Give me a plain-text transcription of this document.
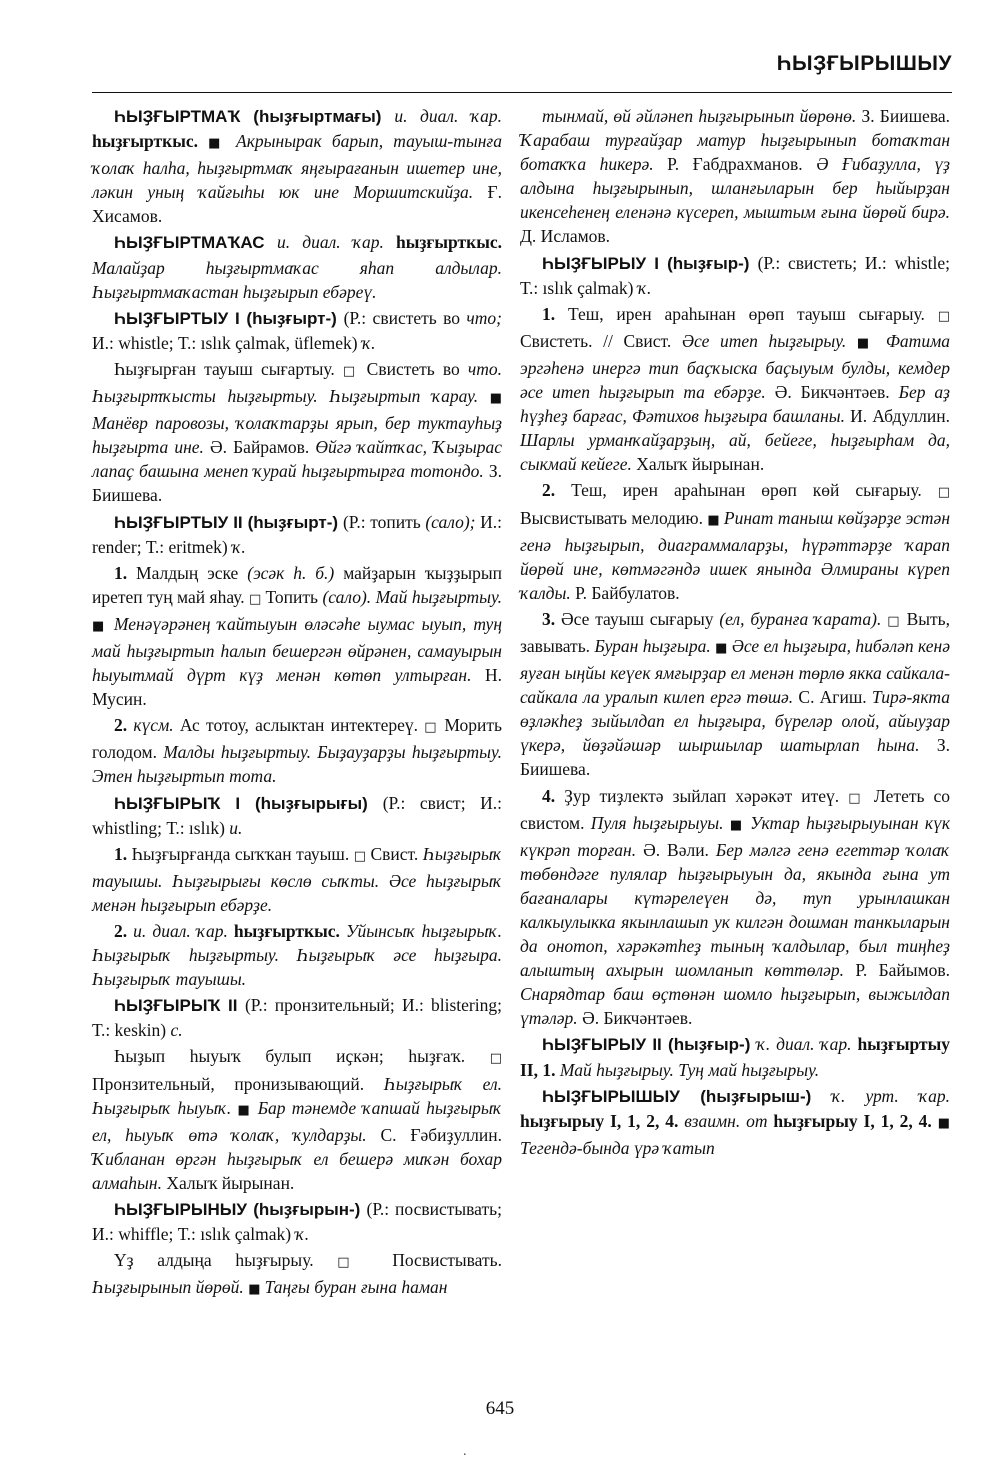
ҺЫҘҒЫРЫШЫУ

ҺЫҘҒЫРТМАҠ (һыҙғыртмағы) и. диал. ҡар. һыҙғырткыс. ■ Акрынырак барып, тауыш-тынға ҡолаҡ һалһа, һыҙғыртмаҡ яңғырағанын ишетер ине, ләкин уның ҡайғыһы юк ине Моршитскийҙа. Ғ. Хисамов.

ҺЫҘҒЫРТМАҠАС и. диал. ҡар. һыҙғырткыс. Малайҙар һыҙғыртмаҡас яһап алдылар. Һыҙғыртмаҡастан һыҙғырып ебәреү.

ҺЫҘҒЫРТЫУ I (һыҙғырт-) (Р.: свистеть во что; И.: whistle; Т.: ıslık çalmak, üflemek) ҡ.

Һыҙғырған тауыш сығартыу. □ Свистеть во что. Һыҙғыртҡысты һыҙғыртыу. Һыҙғыртып ҡарау. ■ Манёвр паровозы, ҡолаҡтарҙы ярып, бер туктауһыҙ һыҙғырта ине. Ә. Байрамов. Өйгә ҡайтҡас, Ҡыҙырас лапаҫ башына менеп ҡурай һыҙғыртырға тотондо. З. Биишева.

ҺЫҘҒЫРТЫУ II (һыҙғырт-) (Р.: топить (сало); И.: render; Т.: eritmek) ҡ.

1. Малдың эске (эсәк һ. б.) майҙарын ҡыҙҙырып иретеп туң май яһау. □ Топить (сало). Май һыҙғыртыу. ■ Менәүәрәнең ҡайтыуын өләсәһе ыумас ыуып, туң май һыҙғыртып һалып бешергән өйрәнен, самауырын һыуытмай дүрт күҙ менән көтөп ултырған. Н. Мусин.

2. күсм. Ас тотоу, аслыктан интектереү. □ Морить голодом. Малды һыҙғыртыу. Быҙауҙарҙы һыҙғыртыу. Этен һыҙғыртып тота.

ҺЫҘҒЫРЫҠ I (һыҙғырығы) (Р.: свист; И.: whistling; Т.: ıslık) и.

1. Һыҙғырғанда сыҡҡан тауыш. □ Свист. Һыҙғырыҡ тауышы. Һыҙғырығы көслө сыҡты. Әсе һыҙғырыҡ менән һыҙғырып ебәрҙе.

2. и. диал. ҡар. һыҙғырткыс. Уйынсыҡ һыҙғырыҡ. Һыҙғырыҡ һыҙғыртыу. Һыҙғырыҡ әсе һыҙғыра. Һыҙғырыҡ тауышы.

ҺЫҘҒЫРЫҠ II (Р.: пронзительный; И.: blistering; Т.: keskin) с.

Һыҙып һыуыҡ булып иҫкән; һыҙғаҡ. □ Пронзительный, пронизывающий. Һыҙғырыҡ ел. Һыҙғырыҡ һыуыҡ. ■ Бар тәнемде ҡапшай һыҙғырыҡ ел, һыуыҡ өтә ҡолаҡ, ҡулдарҙы. С. Ғәбиҙуллин. Ҡибланан өргән һыҙғырыҡ ел бешерә миҡән бохар алмаһын. Халыҡ йырынан.

ҺЫҘҒЫРЫНЫУ (һыҙғырын-) (Р.: посвистывать; И.: whiffle; Т.: ıslık çalmak) ҡ.

Үҙ алдыңа һыҙғырыу. □ Посвистывать. Һыҙғырынып йөрөй. ■ Таңғы буран ғына һаман

тынмай, өй әйләнеп һыҙғырынып йөрөнө. З. Биишева. Ҡарабаш турғайҙар матур һыҙғырынып ботаҡтан ботаҡҡа һикерә. Р. Ғабдрахманов. Ә Ғибаҙулла, үҙ алдына һыҙғырынып, шланғыларын бер һыйырҙан икенсеһенең еленәнә күсереп, мыштым ғына йөрөй бирә. Д. Исламов.

ҺЫҘҒЫРЫУ I (һыҙғыр-) (Р.: свистеть; И.: whistle; Т.: ıslık çalmak) ҡ.

1. Теш, ирен араһынан өрөп тауыш сығарыу. □ Свистеть. // Свист. Әсе итеп һыҙғырыу. ■ Фатима эргәһенә инергә тип баҫҡыска баҫыуым булды, кемдер әсе итеп һыҙғырып та ебәрҙе. Ә. Бикчәнтәев. Бер аҙ һүҙһеҙ барғас, Фәтихов һыҙғыра башланы. И. Абдуллин. Шарлы урманҡайҙарҙың, ай, бейеге, һыҙғырһам да, сыкмай кейеге. Халыҡ йырынан.

2. Теш, ирен араһынан өрөп көй сығарыу. □ Высвистывать мелодию. ■ Ринат таныш көйҙәрҙе эстән генә һыҙғырып, диаграммаларҙы, һүрәттәрҙе ҡарап йөрөй ине, көтмәгәндә ишек янында Әлмираны күреп ҡалды. Р. Байбулатов.

3. Әсе тауыш сығарыу (ел, буранға ҡарата). □ Выть, завывать. Буран һыҙғыра. ■ Әсе ел һыҙғыра, һибәләп кенә яуған ыңйы кеүек ямғырҙар ел менән төрлө якка сайкала-сайкала ла уралып килеп ергә төшә. С. Агиш. Тирә-якта өҙләкһеҙ зыйылдап ел һыҙғыра, бүреләр олой, айыуҙар үкерә, йөҙәйәшәр шыршылар шатырлап һына. З. Биишева.

4. Ҙур тиҙлектә зыйлап хәрәкәт итеү. □ Лететь со свистом. Пуля һыҙғырыуы. ■ Уктар һыҙғырыуынан күк күкрәп торған. Ә. Вәли. Бер мәлгә генә егеттәр ҡолаҡ төбөндәге пулялар һыҙғырыуын да, якында ғына ут бағаналары күтәрелеүен дә, туп урынлашкан калкыулыкка якынлашып ук килгән дошман танкыларын да онотоп, хәрәкәтһеҙ тының ҡалдылар, был тиңһеҙ алыштың ахырын шомланып көттөләр. Р. Байымов. Снарядтар баш өҫтөнән шомло һыҙғырып, выжылдап үтәләр. Ә. Бикчәнтәев.

ҺЫҘҒЫРЫУ II (һыҙғыр-) ҡ. диал. ҡар. һыҙғыртыу II, 1. Май һыҙғырыу. Туң май һыҙғырыу.

ҺЫҘҒЫРЫШЫУ (һыҙғырыш-) ҡ. урт. ҡар. һыҙғырыу I, 1, 2, 4. взаимн. от һыҙғырыу I, 1, 2, 4. ■ Тегендә-бында үрә ҡатып

645
.
